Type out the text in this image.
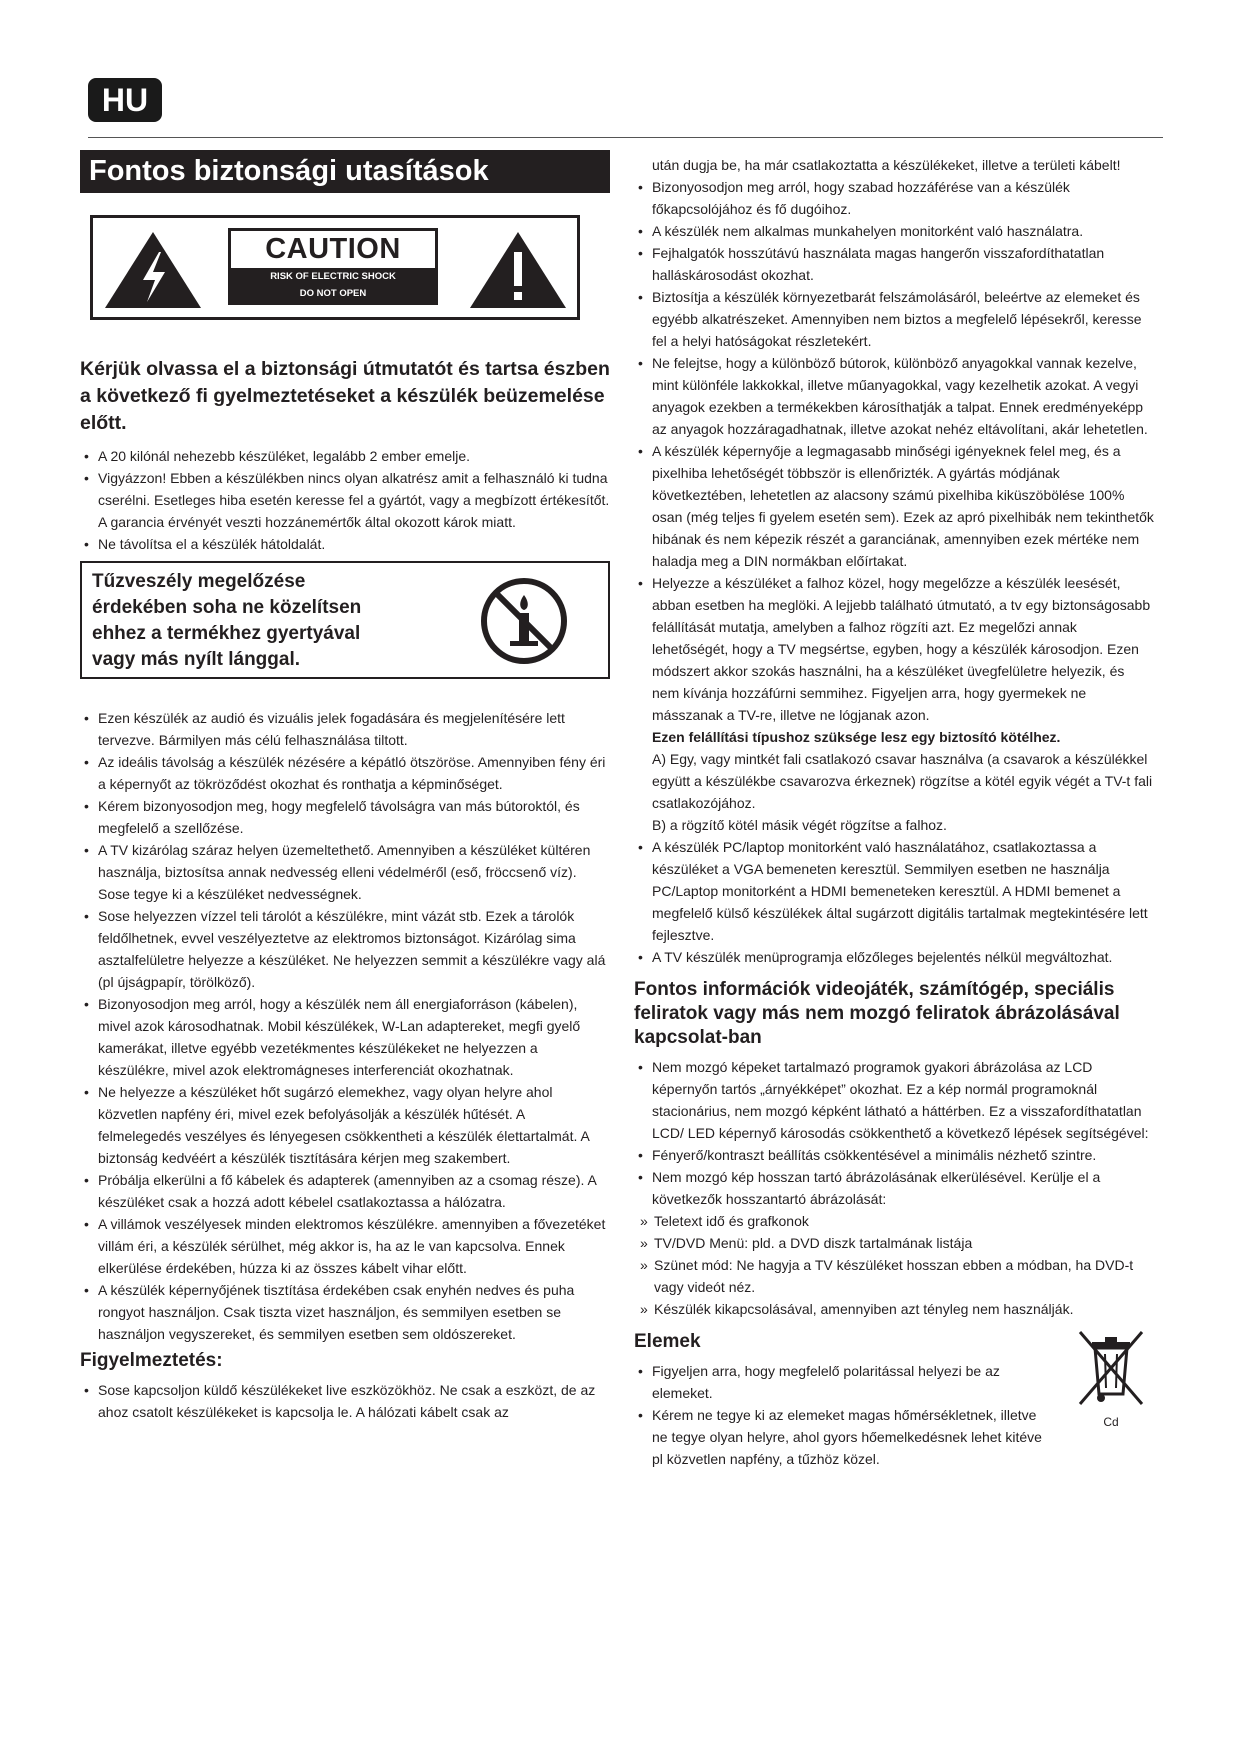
HU
Fontos biztonsági utasítások
CAUTION
RISK OF ELECTRIC SHOCK
DO NOT OPEN
Kérjük olvassa el a biztonsági útmutatót és tartsa észben a következő fi gyelmeztetéseket a készülék beüzemelése előtt.
• A 20 kilónál nehezebb készüléket, legalább 2 ember emelje.
• Vigyázzon! Ebben a készülékben nincs olyan alkatrész amit a felhasználó ki tudna cserélni. Esetleges hiba esetén keresse fel a gyártót, vagy a megbízott értékesítőt. A garancia érvényét veszti hozzánemértők által okozott károk miatt.
• Ne távolítsa el a készülék hátoldalát.
Tűzveszély megelőzése érdekében soha ne közelítsen ehhez a termékhez gyertyával vagy más nyílt lánggal.
• Ezen készülék az audió és vizuális jelek fogadására és megjelenítésére lett tervezve. Bármilyen más célú felhasználása tiltott.
• Az ideális távolság a készülék nézésére a képátló ötszöröse. Amennyiben fény éri a képernyőt az tökröződést okozhat és ronthatja a képminőséget.
• Kérem bizonyosodjon meg, hogy megfelelő távolságra van más bútoroktól, és megfelelő a szellőzése.
• A TV kizárólag száraz helyen üzemeltethető. Amennyiben a készüléket kültéren használja, biztosítsa annak nedvesség elleni védelméről (eső, fröccsenő víz). Sose tegye ki a készüléket nedvességnek.
• Sose helyezzen vízzel teli tárolót a készülékre, mint vázát stb. Ezek a tárolók feldőlhetnek, evvel veszélyeztetve az elektromos biztonságot. Kizárólag sima asztalfelületre helyezze a készüléket. Ne helyezzen semmit a készülékre vagy alá (pl újságpapír, törölköző).
• Bizonyosodjon meg arról, hogy a készülék nem áll energiaforráson (kábelen), mivel azok károsodhatnak. Mobil készülékek, W-Lan adaptereket, megfi gyelő kamerákat, illetve egyébb vezetékmentes készülékeket ne helyezzen a készülékre, mivel azok elektromágneses interferenciát okozhatnak.
• Ne helyezze a készüléket hőt sugárzó elemekhez, vagy olyan helyre ahol közvetlen napfény éri, mivel ezek befolyásolják a készülék hűtését. A felmelegedés veszélyes és lényegesen csökkentheti a készülék élettartalmát. A biztonság kedvéért a készülék tisztítására kérjen meg szakembert.
• Próbálja elkerülni a fő kábelek és adapterek (amennyiben az a csomag része). A készüléket csak a hozzá adott kébelel csatlakoztassa a hálózatra.
• A villámok veszélyesek minden elektromos készülékre. amennyiben a fővezetéket villám éri, a készülék sérülhet, még akkor is, ha az le van kapcsolva. Ennek elkerülése érdekében, húzza ki az összes kábelt vihar előtt.
• A készülék képernyőjének tisztítása érdekében csak enyhén nedves és puha rongyot használjon. Csak tiszta vizet használjon, és semmilyen esetben se használjon vegyszereket, és semmilyen esetben sem oldószereket.
Figyelmeztetés:
• Sose kapcsoljon küldő készülékeket live eszközökhöz. Ne csak a eszközt, de az ahoz csatolt készülékeket is kapcsolja le. A hálózati kábelt csak az
után dugja be, ha már csatlakoztatta a készülékeket, illetve a területi kábelt!
• Bizonyosodjon meg arról, hogy szabad hozzáférése van a készülék főkapcsolójához és fő dugóihoz.
• A készülék nem alkalmas munkahelyen monitorként való használatra.
• Fejhalgatók hosszútávú használata magas hangerőn visszafordíthatatlan halláskárosodást okozhat.
• Biztosítja a készülék környezetbarát felszámolásáról, beleértve az elemeket és egyébb alkatrészeket. Amennyiben nem biztos a megfelelő lépésekről, keresse fel a helyi hatóságokat részletekért.
• Ne felejtse, hogy a különböző bútorok, különböző anyagokkal vannak kezelve, mint különféle lakkokkal, illetve műanyagokkal, vagy kezelhetik azokat. A vegyi anyagok ezekben a termékekben károsíthatják a talpat. Ennek eredményeképp az anyagok hozzáragadhatnak, illetve azokat nehéz eltávolítani, akár lehetetlen.
• A készülék képernyője a legmagasabb minőségi igényeknek felel meg, és a pixelhiba lehetőségét többször is ellenőrizték. A gyártás módjának következtében, lehetetlen az alacsony számú pixelhiba kiküszöbölése 100% osan (még teljes fi gyelem esetén sem). Ezek az apró pixelhibák nem tekinthetők hibának és nem képezik részét a garanciának, amennyiben ezek mértéke nem haladja meg a DIN normákban előírtakat.
• Helyezze a készüléket a falhoz közel, hogy megelőzze a készülék leesését, abban esetben ha meglöki. A lejjebb található útmutató, a tv egy biztonságosabb felállítását mutatja, amelyben a falhoz rögzíti azt. Ez megelőzi annak lehetőségét, hogy a TV megsértse, egyben, hogy a készülék károsodjon. Ezen módszert akkor szokás használni, ha a készüléket üvegfelületre helyezik, és nem kívánja hozzáfúrni semmihez. Figyeljen arra, hogy gyermekek ne másszanak a TV-re, illetve ne lógjanak azon.
Ezen felállítási típushoz szüksége lesz egy biztosító kötélhez.
A) Egy, vagy mintkét fali csatlakozó csavar használva (a csavarok a készülékkel együtt a készülékbe csavarozva érkeznek) rögzítse a kötél egyik végét a TV-t fali csatlakozójához.
B) a rögzítő kötél másik végét rögzítse a falhoz.
• A készülék PC/laptop monitorként való használatához, csatlakoztassa a készüléket a VGA bemeneten keresztül. Semmilyen esetben ne használja PC/Laptop monitorként a HDMI bemeneteken keresztül. A HDMI bemenet a megfelelő külső készülékek által sugárzott digitális tartalmak megtekintésére lett fejlesztve.
• A TV készülék menüprogramja előzőleges bejelentés nélkül megváltozhat.
Fontos információk videojáték, számítógép, speciális feliratok vagy más nem mozgó feliratok ábrázolásával kapcsolat-ban
• Nem mozgó képeket tartalmazó programok gyakori ábrázolása az LCD képernyőn tartós „árnyékképet” okozhat. Ez a kép normál programoknál stacionárius, nem mozgó képként látható a háttérben. Ez a visszafordíthatatlan LCD/ LED képernyő károsodás csökkenthető a következő lépések segítségével:
• Fényerő/kontraszt beállítás csökkentésével a minimális nézhető szintre.
• Nem mozgó kép hosszan tartó ábrázolásának elkerülésével. Kerülje el a következők hosszantartó ábrázolását:
» Teletext idő és grafkonok
» TV/DVD Menü: pld. a DVD diszk tartalmának listája
» Szünet mód: Ne hagyja a TV készüléket hosszan ebben a módban, ha DVD-t vagy videót néz.
» Készülék kikapcsolásával, amennyiben azt tényleg nem használják.
Elemek
• Figyeljen arra, hogy megfelelő polaritással helyezi be az elemeket.
• Kérem ne tegye ki az elemeket magas hőmérsékletnek, illetve ne tegye olyan helyre, ahol gyors hőemelkedésnek lehet kitéve pl közvetlen napfény, a tűzhöz közel.
Cd
